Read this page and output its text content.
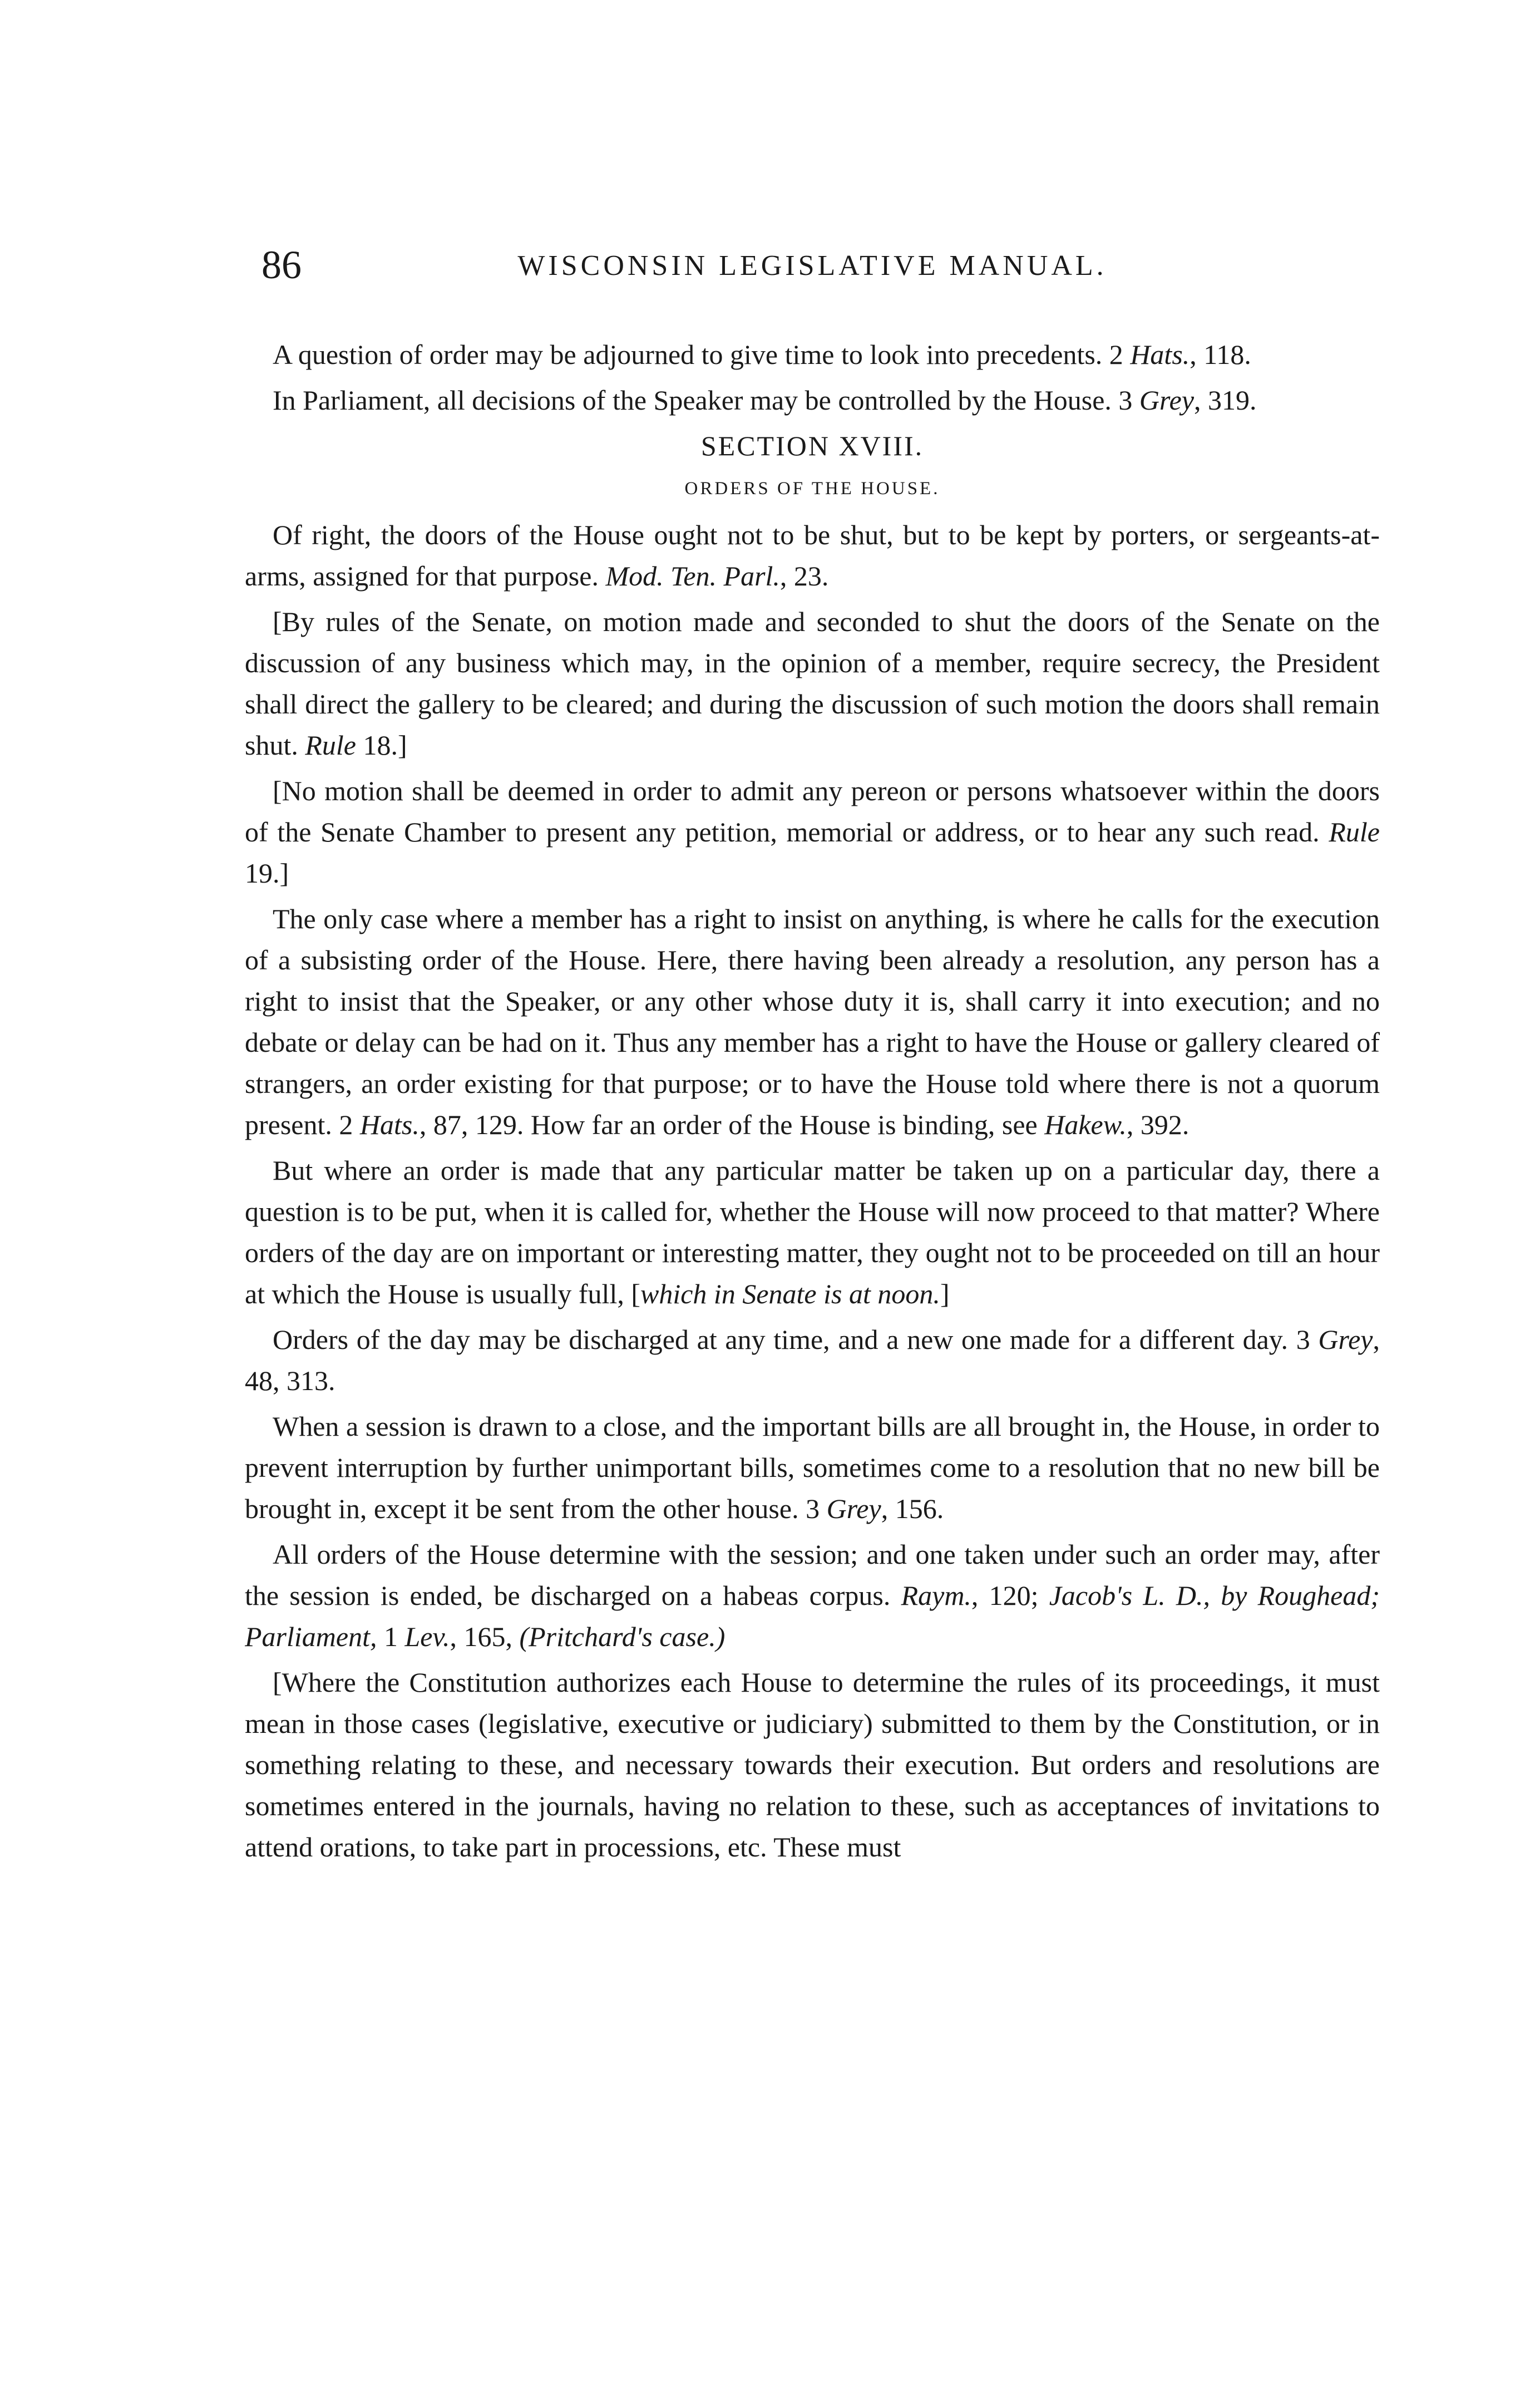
86	WISCONSIN LEGISLATIVE MANUAL.

A question of order may be adjourned to give time to look into precedents. 2 Hats., 118.

In Parliament, all decisions of the Speaker may be controlled by the House. 3 Grey, 319.

SECTION XVIII.
ORDERS OF THE HOUSE.

Of right, the doors of the House ought not to be shut, but to be kept by porters, or sergeants-at-arms, assigned for that purpose. Mod. Ten. Parl., 23.

[By rules of the Senate, on motion made and seconded to shut the doors of the Senate on the discussion of any business which may, in the opinion of a member, require secrecy, the President shall direct the gallery to be cleared; and during the discussion of such motion the doors shall remain shut. Rule 18.]

[No motion shall be deemed in order to admit any pereon or persons whatsoever within the doors of the Senate Chamber to present any petition, memorial or address, or to hear any such read. Rule 19.]

The only case where a member has a right to insist on anything, is where he calls for the execution of a subsisting order of the House. Here, there having been already a resolution, any person has a right to insist that the Speaker, or any other whose duty it is, shall carry it into execution; and no debate or delay can be had on it. Thus any member has a right to have the House or gallery cleared of strangers, an order existing for that purpose; or to have the House told where there is not a quorum present. 2 Hats., 87, 129. How far an order of the House is binding, see Hakew., 392.

But where an order is made that any particular matter be taken up on a particular day, there a question is to be put, when it is called for, whether the House will now proceed to that matter? Where orders of the day are on important or interesting matter, they ought not to be proceeded on till an hour at which the House is usually full, [which in Senate is at noon.]

Orders of the day may be discharged at any time, and a new one made for a different day. 3 Grey, 48, 313.

When a session is drawn to a close, and the important bills are all brought in, the House, in order to prevent interruption by further unimportant bills, sometimes come to a resolution that no new bill be brought in, except it be sent from the other house. 3 Grey, 156.

All orders of the House determine with the session; and one taken under such an order may, after the session is ended, be discharged on a habeas corpus. Raym., 120; Jacob's L. D., by Roughead; Parliament, 1 Lev., 165, (Pritchard's case.)

[Where the Constitution authorizes each House to determine the rules of its proceedings, it must mean in those cases (legislative, executive or judiciary) submitted to them by the Constitution, or in something relating to these, and necessary towards their execution. But orders and resolutions are sometimes entered in the journals, having no relation to these, such as acceptances of invitations to attend orations, to take part in processions, etc. These must
